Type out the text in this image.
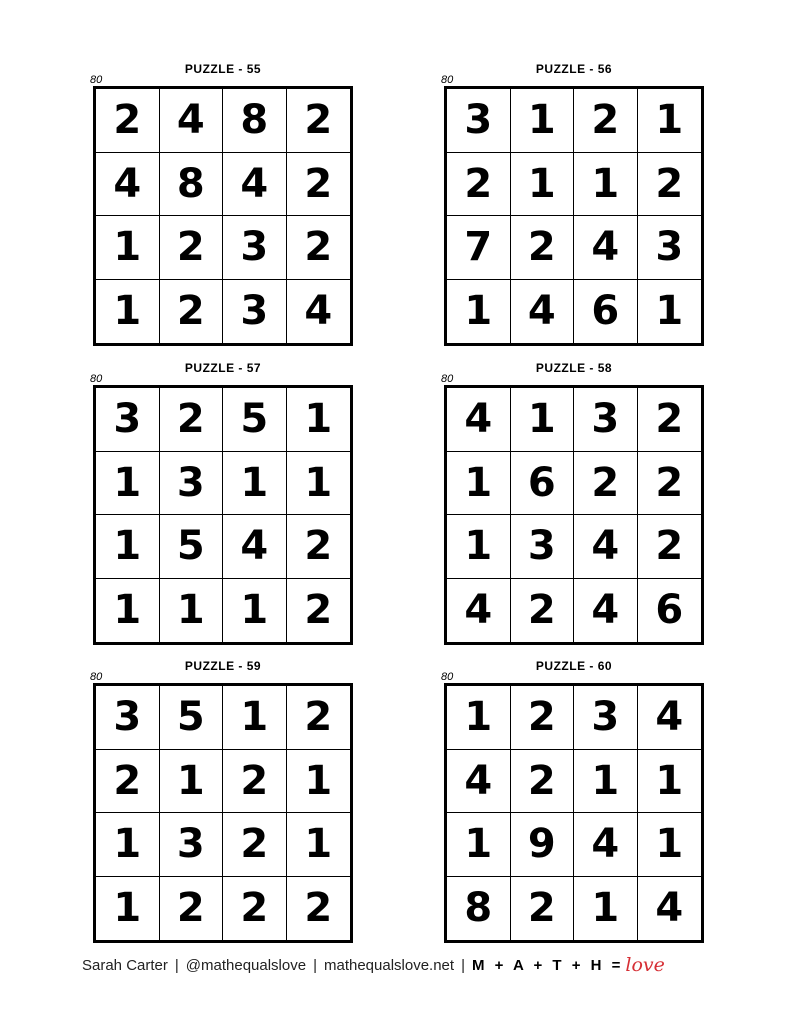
PUZZLE - 55
80
2 4 8 2
4 8 4 2
1 2 3 2
1 2 3 4
PUZZLE - 56
80
3 1 2 1
2 1 1 2
7 2 4 3
1 4 6 1
PUZZLE - 57
80
3 2 5 1
1 3 1 1
1 5 4 2
1 1 1 2
PUZZLE - 58
80
4 1 3 2
1 6 2 2
1 3 4 2
4 2 4 6
PUZZLE - 59
80
3 5 1 2
2 1 2 1
1 3 2 1
1 2 2 2
PUZZLE - 60
80
1 2 3 4
4 2 1 1
1 9 4 1
8 2 1 4
Sarah Carter | @mathequalslove | mathequalslove.net | M + A + T + H = love
